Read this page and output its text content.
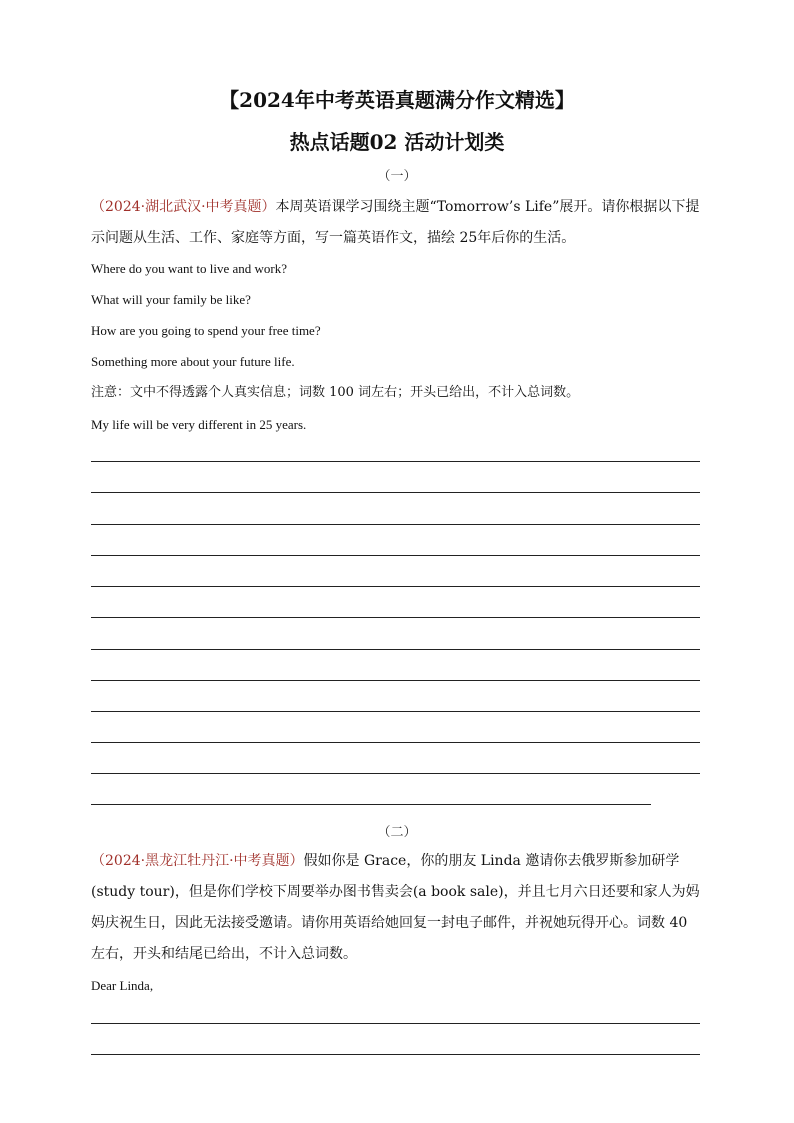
【2024年中考英语真题满分作文精选】
热点话题02 活动计划类
（一）
（2024·湖北武汉·中考真题）本周英语课学习围绕主题“Tomorrow’s Life”展开。请你根据以下提示问题从生活、工作、家庭等方面，写一篇英语作文，描绘 25年后你的生活。
Where do you want to live and work?
What will your family be like?
How are you going to spend your free time?
Something more about your future life.
注意：文中不得透露个人真实信息；词数 100 词左右；开头已给出，不计入总词数。
My life will be very different in 25 years.
（二）
（2024·黑龙江牡丹江·中考真题）假如你是 Grace，你的朋友 Linda 邀请你去俄罗斯参加研学(study tour)，但是你们学校下周要举办图书售卖会(a book sale)，并且七月六日还要和家人为妈妈庆祝生日，因此无法接受邀请。请你用英语给她回复一封电子邮件，并祝她玩得开心。词数 40 左右，开头和结尾已给出，不计入总词数。
Dear Linda,
